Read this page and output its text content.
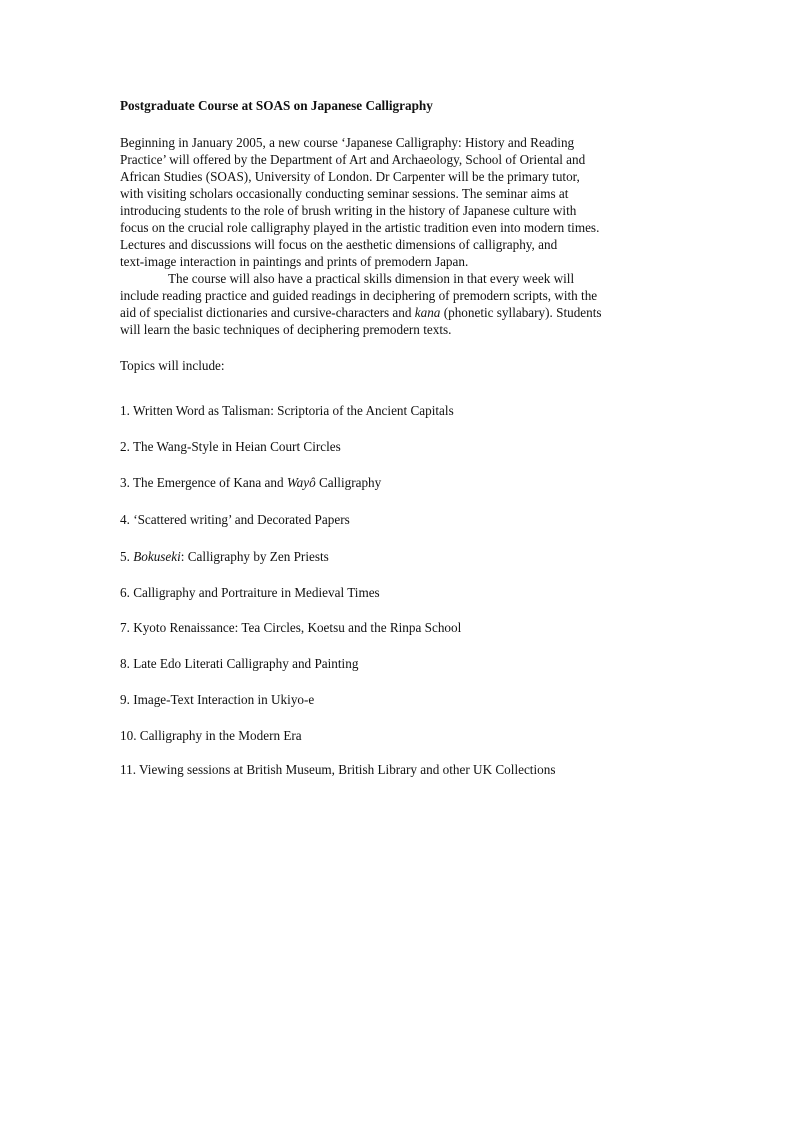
Postgraduate Course at SOAS on Japanese Calligraphy

Beginning in January 2005, a new course ‘Japanese Calligraphy: History and Reading
Practice’ will offered by the Department of Art and Archaeology, School of Oriental and
African Studies (SOAS), University of London. Dr Carpenter will be the primary tutor,
with visiting scholars occasionally conducting seminar sessions. The seminar aims at
introducing students to the role of brush writing in the history of Japanese culture with
focus on the crucial role calligraphy played in the artistic tradition even into modern times.
Lectures and discussions will focus on the aesthetic dimensions of calligraphy, and
text-image interaction in paintings and prints of premodern Japan.

The course will also have a practical skills dimension in that every week will
include reading practice and guided readings in deciphering of premodern scripts, with the
aid of specialist dictionaries and cursive-characters and kana (phonetic syllabary). Students
will learn the basic techniques of deciphering premodern texts.

Topics will include:

1. Written Word as Talisman: Scriptoria of the Ancient Capitals
2. The Wang-Style in Heian Court Circles
3. The Emergence of Kana and Wayô Calligraphy
4. ‘Scattered writing’ and Decorated Papers
5. Bokuseki: Calligraphy by Zen Priests
6. Calligraphy and Portraiture in Medieval Times
7. Kyoto Renaissance: Tea Circles, Koetsu and the Rinpa School
8. Late Edo Literati Calligraphy and Painting
9. Image-Text Interaction in Ukiyo-e
10. Calligraphy in the Modern Era
11. Viewing sessions at British Museum, British Library and other UK Collections
